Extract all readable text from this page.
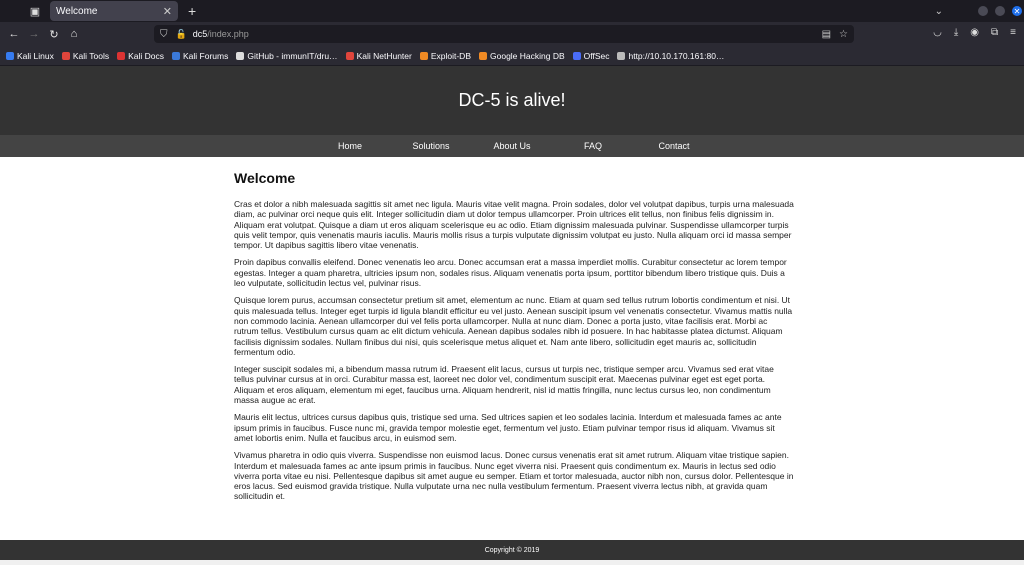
▣	Welcome	✕ +	⌄	✕
← → ↻	⌂	⛉ 🔓 dc5 /index.php	▤ ☆	◡ ⤓ ◉ ⧉ ≡
Kali Linux Kali Tools Kali Docs Kali Forums GitHub - immunIT/dru… Kali NetHunter Exploit-DB Google Hacking DB OffSec http://10.10.170.161:80…
DC-5 is alive!
Home	Solutions	About Us	FAQ	Contact
Welcome

Cras et dolor a nibh malesuada sagittis sit amet nec ligula. Mauris vitae velit magna. Proin sodales, dolor vel volutpat dapibus, turpis urna malesuada diam, ac pulvinar orci neque quis elit. Integer sollicitudin diam ut dolor tempus ullamcorper. Proin ultrices elit tellus, non finibus felis dignissim in. Aliquam erat volutpat. Quisque a diam ut eros aliquam scelerisque eu ac odio. Etiam dignissim malesuada pulvinar. Suspendisse ullamcorper turpis quis velit tempor, quis venenatis mauris iaculis. Mauris mollis risus a turpis vulputate dignissim volutpat eu justo. Nulla aliquam orci id massa semper tempor. Ut dapibus sagittis libero vitae venenatis.

Proin dapibus convallis eleifend. Donec venenatis leo arcu. Donec accumsan erat a massa imperdiet mollis. Curabitur consectetur ac lorem tempor egestas. Integer a quam pharetra, ultricies ipsum non, sodales risus. Aliquam venenatis porta ipsum, porttitor bibendum libero tristique quis. Duis a leo vulputate, sollicitudin lectus vel, pulvinar risus.

Quisque lorem purus, accumsan consectetur pretium sit amet, elementum ac nunc. Etiam at quam sed tellus rutrum lobortis condimentum et nisi. Ut quis malesuada tellus. Integer eget turpis id ligula blandit efficitur eu vel justo. Aenean suscipit ipsum vel venenatis consectetur. Vivamus mattis nulla non commodo lacinia. Aenean ullamcorper dui vel felis porta ullamcorper. Nulla at nunc diam. Donec a porta justo, vitae facilisis erat. Morbi ac rutrum tellus. Vestibulum cursus quam ac elit dictum vehicula. Aenean dapibus sodales nibh id posuere. In hac habitasse platea dictumst. Aliquam facilisis dignissim sodales. Nullam finibus dui nisi, quis scelerisque metus aliquet et. Nam ante libero, sollicitudin eget mauris ac, sollicitudin fermentum odio.

Integer suscipit sodales mi, a bibendum massa rutrum id. Praesent elit lacus, cursus ut turpis nec, tristique semper arcu. Vivamus sed erat vitae tellus pulvinar cursus at in orci. Curabitur massa est, laoreet nec dolor vel, condimentum suscipit erat. Maecenas pulvinar eget est eget porta. Aliquam et eros aliquam, elementum mi eget, faucibus urna. Aliquam hendrerit, nisl id mattis fringilla, nunc lectus cursus leo, non condimentum massa augue ac erat.

Mauris elit lectus, ultrices cursus dapibus quis, tristique sed urna. Sed ultrices sapien et leo sodales lacinia. Interdum et malesuada fames ac ante ipsum primis in faucibus. Fusce nunc mi, gravida tempor molestie eget, fermentum vel justo. Etiam pulvinar tempor risus id aliquam. Vivamus sit amet lobortis enim. Nulla et faucibus arcu, in euismod sem.

Vivamus pharetra in odio quis viverra. Suspendisse non euismod lacus. Donec cursus venenatis erat sit amet rutrum. Aliquam vitae tristique sapien. Interdum et malesuada fames ac ante ipsum primis in faucibus. Nunc eget viverra nisi. Praesent quis condimentum ex. Mauris in lectus sed odio viverra porta vitae eu nisi. Pellentesque dapibus sit amet augue eu semper. Etiam et tortor malesuada, auctor nibh non, cursus dolor. Pellentesque in eros lacus. Sed euismod gravida tristique. Nulla vulputate urna nec nulla vestibulum fermentum. Praesent viverra lectus nibh, at gravida quam sollicitudin et.

Copyright © 2019
